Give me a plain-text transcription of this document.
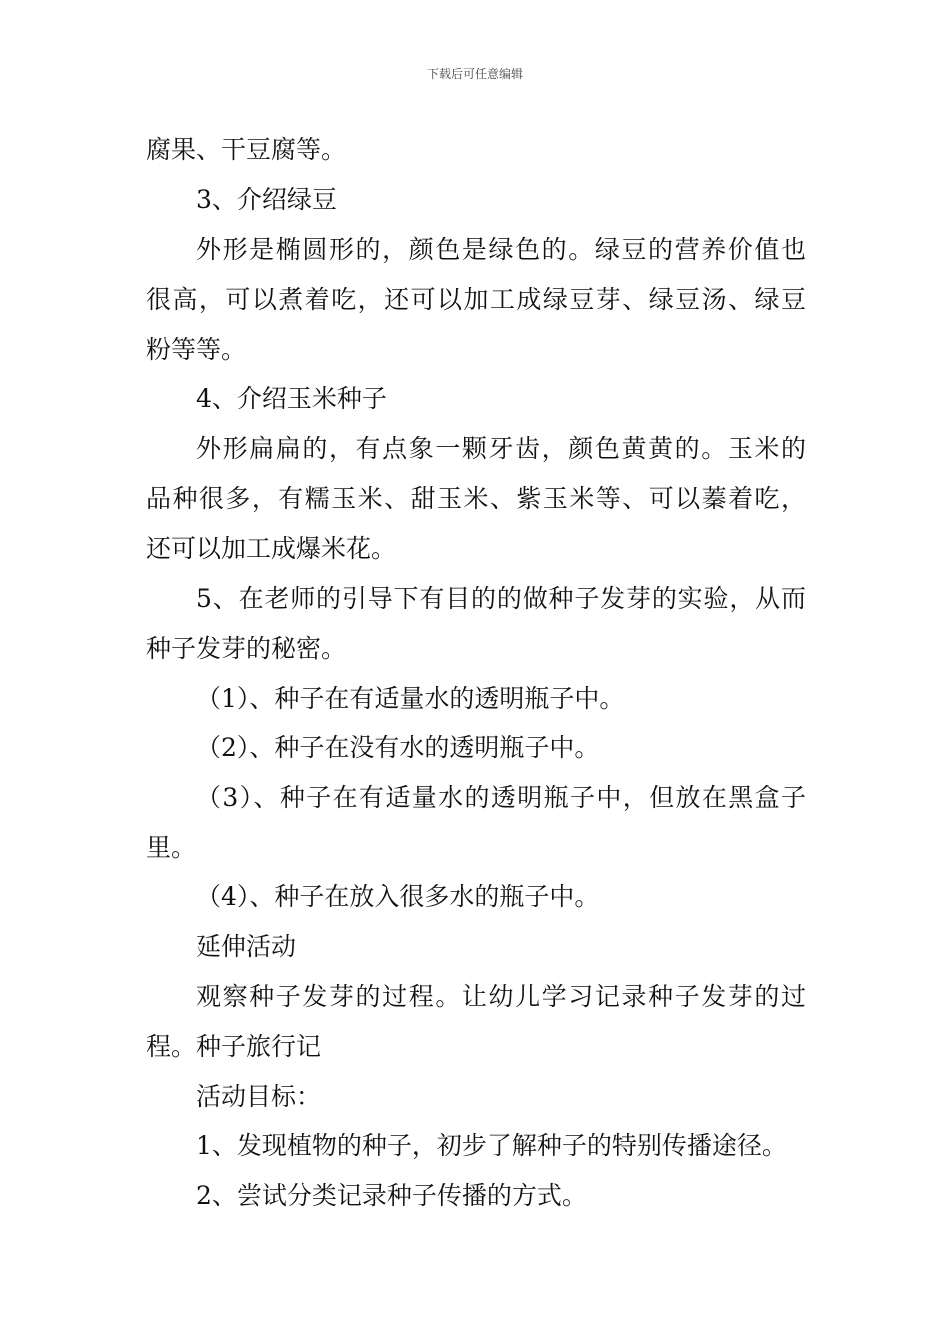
下载后可任意编辑
腐果、干豆腐等。
3、介绍绿豆
外形是椭圆形的，颜色是绿色的。绿豆的营养价值也
很高，可以煮着吃，还可以加工成绿豆芽、绿豆汤、绿豆
粉等等。
4、介绍玉米种子
外形扁扁的，有点象一颗牙齿，颜色黄黄的。玉米的
品种很多，有糯玉米、甜玉米、紫玉米等、可以蓁着吃，
还可以加工成爆米花。
5、在老师的引导下有目的的做种子发芽的实验，从而
种子发芽的秘密。
（1）、种子在有适量水的透明瓶子中。
（2）、种子在没有水的透明瓶子中。
（3）、种子在有适量水的透明瓶子中，但放在黑盒子
里。
（4）、种子在放入很多水的瓶子中。
延伸活动
观察种子发芽的过程。让幼儿学习记录种子发芽的过
程。种子旅行记
活动目标：
1、发现植物的种子，初步了解种子的特别传播途径。
2、尝试分类记录种子传播的方式。
